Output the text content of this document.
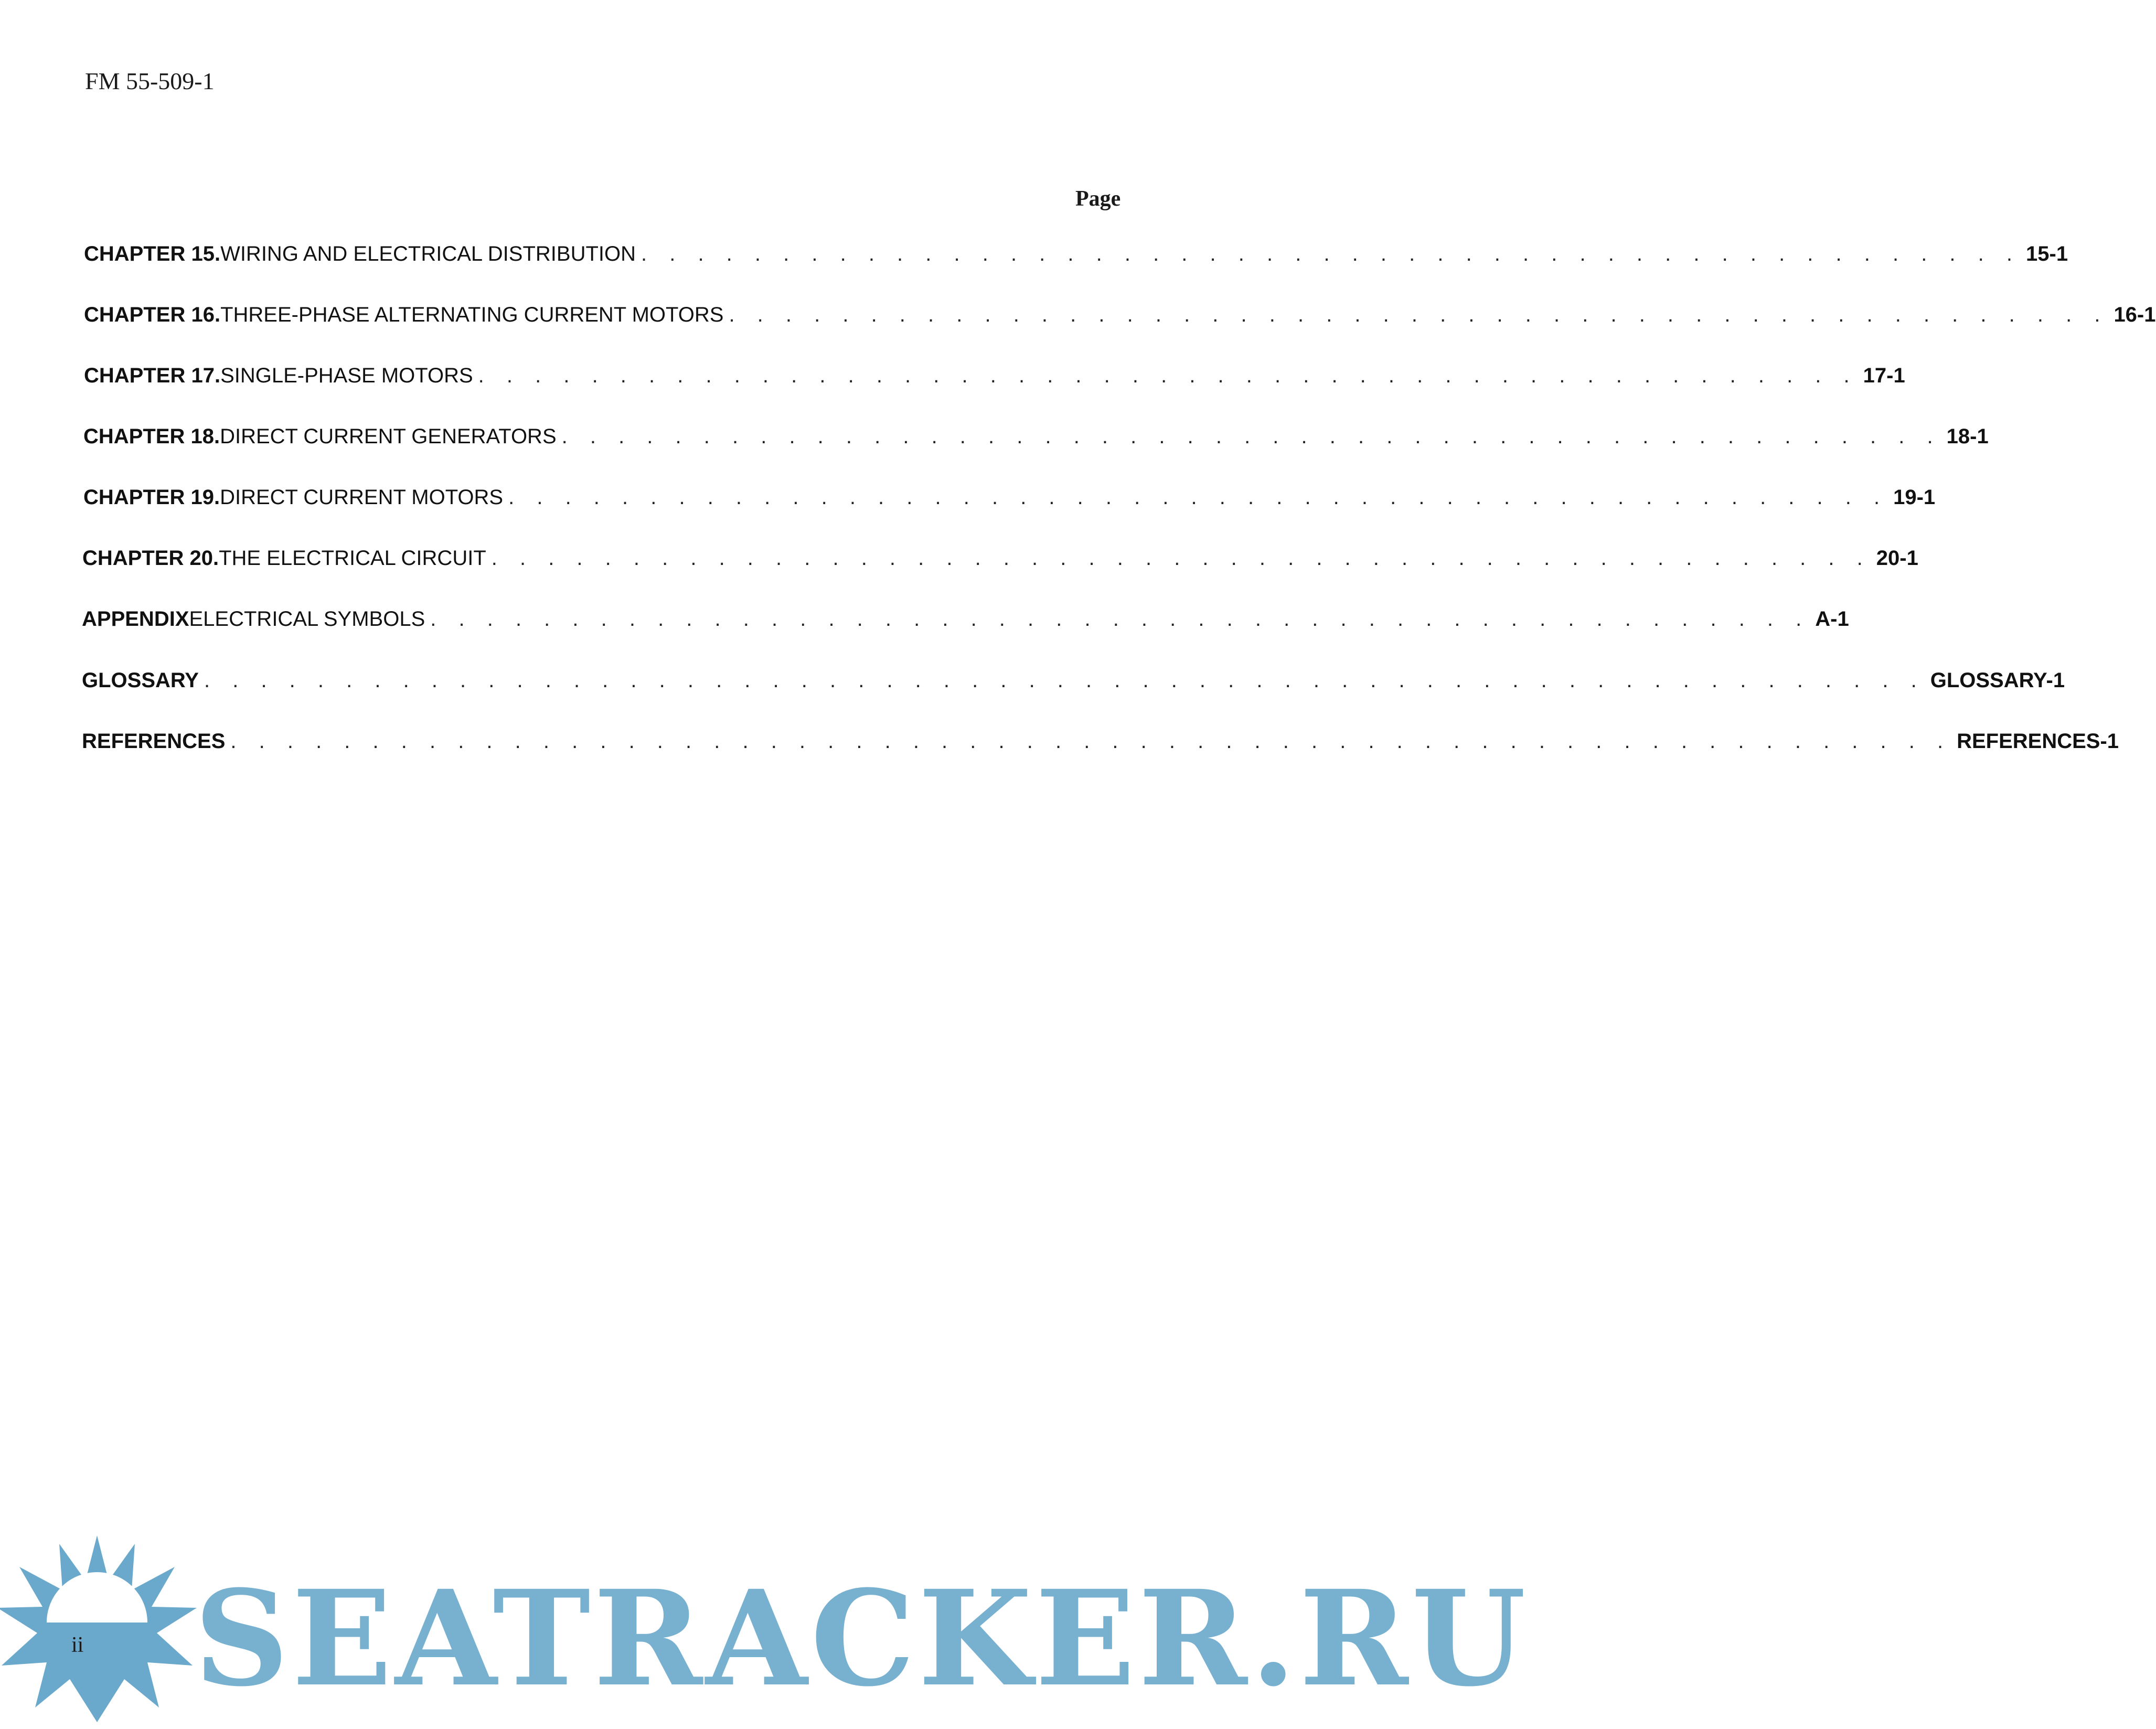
FM 55-509-1
Page
CHAPTER 15. WIRING AND ELECTRICAL DISTRIBUTION . . . . . . . . . . . . . . . . . . . . . . . . . . . . . . . . . . . . . . . . . . . . . . . . . 15-1
CHAPTER 16. THREE-PHASE ALTERNATING CURRENT MOTORS . . . . . . . . . . . . . . . . . . . . . . . . . . . . . . . . . . . . . . . . . . . . . . . . . 16-1
CHAPTER 17. SINGLE-PHASE MOTORS . . . . . . . . . . . . . . . . . . . . . . . . . . . . . . . . . . . . . . . . . . . . . . . . . 17-1
CHAPTER 18. DIRECT CURRENT GENERATORS . . . . . . . . . . . . . . . . . . . . . . . . . . . . . . . . . . . . . . . . . . . . . . . . . 18-1
CHAPTER 19. DIRECT CURRENT MOTORS . . . . . . . . . . . . . . . . . . . . . . . . . . . . . . . . . . . . . . . . . . . . . . . . . 19-1
CHAPTER 20. THE ELECTRICAL CIRCUIT . . . . . . . . . . . . . . . . . . . . . . . . . . . . . . . . . . . . . . . . . . . . . . . . . 20-1
APPENDIX ELECTRICAL SYMBOLS . . . . . . . . . . . . . . . . . . . . . . . . . . . . . . . . . . . . . . . . . . . . . . . . . A-1
GLOSSARY . . . . . . . . . . . . . . . . . . . . . . . . . . . . . . . . . . . . . . . . . . . . . . . . . . . . . . . . . . . . . GLOSSARY-1
REFERENCES . . . . . . . . . . . . . . . . . . . . . . . . . . . . . . . . . . . . . . . . . . . . . . . . . . . . . . . . . . . . . REFERENCES-1
ii SEATRACKER.RU
